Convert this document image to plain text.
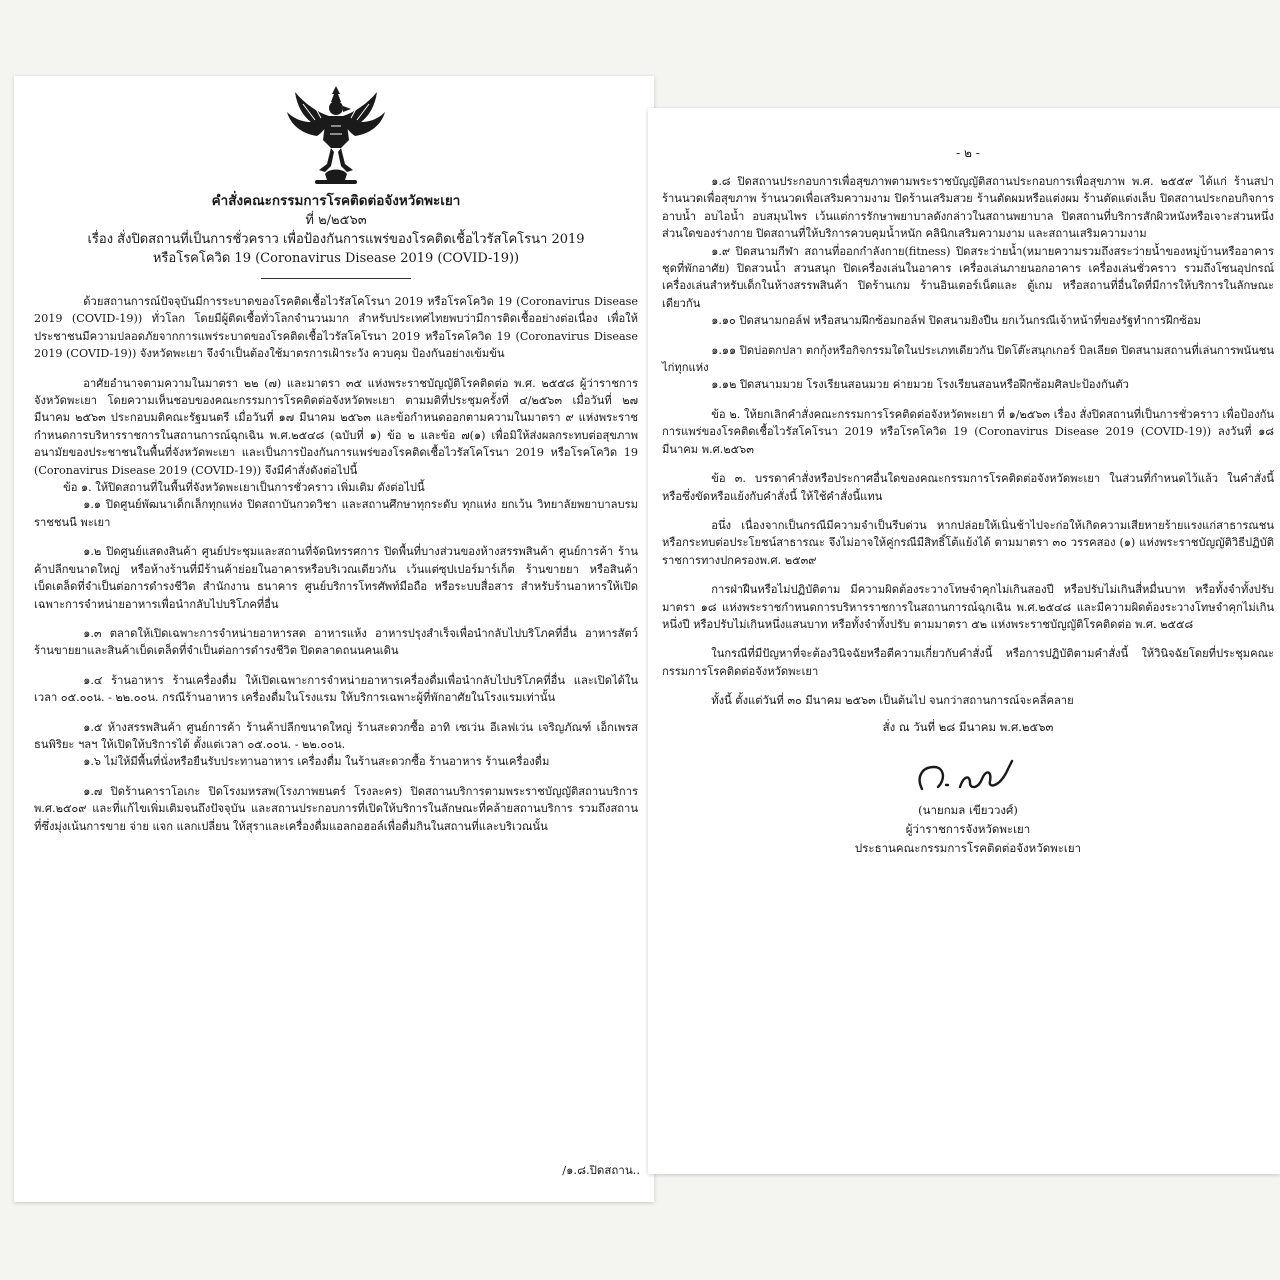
คำสั่งคณะกรรมการโรคติดต่อจังหวัดพะเยา
ที่ ๒/๒๕๖๓
เรื่อง สั่งปิดสถานที่เป็นการชั่วคราว เพื่อป้องกันการแพร่ของโรคติดเชื้อไวรัสโคโรนา 2019
หรือโรคโควิด 19 (Coronavirus Disease 2019 (COVID-19))

ด้วยสถานการณ์ปัจจุบันมีการระบาดของโรคติดเชื้อไวรัสโคโรนา 2019 หรือโรคโควิด 19 (Coronavirus Disease 2019 (COVID-19)) ทั่วโลก โดยมีผู้ติดเชื้อทั่วโลกจำนวนมาก สำหรับประเทศไทยพบว่ามีการติดเชื้ออย่างต่อเนื่อง เพื่อให้ประชาชนมีความปลอดภัยจากการแพร่ระบาดของโรคติดเชื้อไวรัสโคโรนา 2019 หรือโรคโควิด 19 (Coronavirus Disease 2019 (COVID-19)) จังหวัดพะเยา จึงจำเป็นต้องใช้มาตรการเฝ้าระวัง ควบคุม ป้องกันอย่างเข้มข้น

อาศัยอำนาจตามความในมาตรา ๒๒ (๗) และมาตรา ๓๕ แห่งพระราชบัญญัติโรคติดต่อ พ.ศ. ๒๕๕๘ ผู้ว่าราชการจังหวัดพะเยา โดยความเห็นชอบของคณะกรรมการโรคติดต่อจังหวัดพะเยา ตามมติที่ประชุมครั้งที่ ๔/๒๕๖๓ เมื่อวันที่ ๒๗ มีนาคม ๒๕๖๓ ประกอบมติคณะรัฐมนตรี เมื่อวันที่ ๑๗ มีนาคม ๒๕๖๓ และข้อกำหนดออกตามความในมาตรา ๙ แห่งพระราชกำหนดการบริหารราชการในสถานการณ์ฉุกเฉิน พ.ศ.๒๕๔๘ (ฉบับที่ ๑) ข้อ ๒ และข้อ ๗(๑) เพื่อมิให้ส่งผลกระทบต่อสุขภาพอนามัยของประชาชนในพื้นที่จังหวัดพะเยา และเป็นการป้องกันการแพร่ของโรคติดเชื้อไวรัสโคโรนา 2019 หรือโรคโควิด 19 (Coronavirus Disease 2019 (COVID-19)) จึงมีคำสั่งดังต่อไปนี้

ข้อ ๑. ให้ปิดสถานที่ในพื้นที่จังหวัดพะเยาเป็นการชั่วคราว เพิ่มเติม ดังต่อไปนี้

๑.๑ ปิดศูนย์พัฒนาเด็กเล็กทุกแห่ง ปิดสถาบันกวดวิชา และสถานศึกษาทุกระดับ ทุกแห่ง ยกเว้น วิทยาลัยพยาบาลบรมราชชนนี พะเยา

๑.๒ ปิดศูนย์แสดงสินค้า ศูนย์ประชุมและสถานที่จัดนิทรรศการ ปิดพื้นที่บางส่วนของห้างสรรพสินค้า ศูนย์การค้า ร้านค้าปลีกขนาดใหญ่ หรือห้างร้านที่มีร้านค้าย่อยในอาคารหรือบริเวณเดียวกัน เว้นแต่ซุปเปอร์มาร์เก็ต ร้านขายยา หรือสินค้าเบ็ดเตล็ดที่จำเป็นต่อการดำรงชีวิต สำนักงาน ธนาคาร ศูนย์บริการโทรศัพท์มือถือ หรือระบบสื่อสาร สำหรับร้านอาหารให้เปิดเฉพาะการจำหน่ายอาหารเพื่อนำกลับไปบริโภคที่อื่น

๑.๓ ตลาดให้เปิดเฉพาะการจำหน่ายอาหารสด อาหารแห้ง อาหารปรุงสำเร็จเพื่อนำกลับไปบริโภคที่อื่น อาหารสัตว์ ร้านขายยาและสินค้าเบ็ดเตล็ดที่จำเป็นต่อการดำรงชีวิต ปิดตลาดถนนคนเดิน

๑.๔ ร้านอาหาร ร้านเครื่องดื่ม ให้เปิดเฉพาะการจำหน่ายอาหารเครื่องดื่มเพื่อนำกลับไปบริโภคที่อื่น และเปิดได้ในเวลา ๐๕.๐๐น. - ๒๒.๐๐น. กรณีร้านอาหาร เครื่องดื่มในโรงแรม ให้บริการเฉพาะผู้ที่พักอาศัยในโรงแรมเท่านั้น

๑.๕ ห้างสรรพสินค้า ศูนย์การค้า ร้านค้าปลีกขนาดใหญ่ ร้านสะดวกซื้อ อาทิ เซเว่น อีเลฟเว่น เจริญภัณฑ์ เอ็กเพรส ธนพิริยะ ฯลฯ ให้เปิดให้บริการได้ ตั้งแต่เวลา ๐๕.๐๐น. - ๒๒.๐๐น.

๑.๖ ไม่ให้มีพื้นที่นั่งหรือยืนรับประทานอาหาร เครื่องดื่ม ในร้านสะดวกซื้อ ร้านอาหาร ร้านเครื่องดื่ม

๑.๗ ปิดร้านคาราโอเกะ ปิดโรงมหรสพ(โรงภาพยนตร์ โรงละคร) ปิดสถานบริการตามพระราชบัญญัติสถานบริการ พ.ศ.๒๕๐๙ และที่แก้ไขเพิ่มเติมจนถึงปัจจุบัน และสถานประกอบการที่เปิดให้บริการในลักษณะที่คล้ายสถานบริการ รวมถึงสถานที่ซึ่งมุ่งเน้นการขาย จ่าย แจก แลกเปลี่ยน ให้สุราและเครื่องดื่มแอลกอฮอล์เพื่อดื่มกินในสถานที่และบริเวณนั้น

/๑.๘.ปิดสถาน..
- ๒ -

๑.๘ ปิดสถานประกอบการเพื่อสุขภาพตามพระราชบัญญัติสถานประกอบการเพื่อสุขภาพ พ.ศ. ๒๕๕๙ ได้แก่ ร้านสปา ร้านนวดเพื่อสุขภาพ ร้านนวดเพื่อเสริมความงาม ปิดร้านเสริมสวย ร้านตัดผมหรือแต่งผม ร้านตัดแต่งเล็บ ปิดสถานประกอบกิจการอาบน้ำ อบไอน้ำ อบสมุนไพร เว้นแต่การรักษาพยาบาลดังกล่าวในสถานพยาบาล ปิดสถานที่บริการสักผิวหนังหรือเจาะส่วนหนึ่งส่วนใดของร่างกาย ปิดสถานที่ให้บริการควบคุมน้ำหนัก คลินิกเสริมความงาม และสถานเสริมความงาม

๑.๙ ปิดสนามกีฬา สถานที่ออกกำลังกาย(fitness) ปิดสระว่ายน้ำ(หมายความรวมถึงสระว่ายน้ำของหมู่บ้านหรืออาคารชุดที่พักอาศัย) ปิดสวนน้ำ สวนสนุก ปิดเครื่องเล่นในอาคาร เครื่องเล่นภายนอกอาคาร เครื่องเล่นชั่วคราว รวมถึงโซนอุปกรณ์เครื่องเล่นสำหรับเด็กในห้างสรรพสินค้า ปิดร้านเกม ร้านอินเตอร์เน็ตและ ตู้เกม หรือสถานที่อื่นใดที่มีการให้บริการในลักษณะเดียวกัน

๑.๑๐ ปิดสนามกอล์ฟ หรือสนามฝึกซ้อมกอล์ฟ ปิดสนามยิงปืน ยกเว้นกรณีเจ้าหน้าที่ของรัฐทำการฝึกซ้อม

๑.๑๑ ปิดบ่อตกปลา ตกกุ้งหรือกิจกรรมใดในประเภทเดียวกัน ปิดโต๊ะสนุกเกอร์ บิลเลียด ปิดสนามสถานที่เล่นการพนันชนไก่ทุกแห่ง

๑.๑๒ ปิดสนามมวย โรงเรียนสอนมวย ค่ายมวย โรงเรียนสอนหรือฝึกซ้อมศิลปะป้องกันตัว

ข้อ ๒. ให้ยกเลิกคำสั่งคณะกรรมการโรคติดต่อจังหวัดพะเยา ที่ ๑/๒๕๖๓ เรื่อง สั่งปิดสถานที่เป็นการชั่วคราว เพื่อป้องกันการแพร่ของโรคติดเชื้อไวรัสโคโรนา 2019 หรือโรคโควิด 19 (Coronavirus Disease 2019 (COVID-19)) ลงวันที่ ๑๘ มีนาคม พ.ศ.๒๕๖๓

ข้อ ๓. บรรดาคำสั่งหรือประกาศอื่นใดของคณะกรรมการโรคติดต่อจังหวัดพะเยา ในส่วนที่กำหนดไว้แล้ว ในคำสั่งนี้ หรือซึ่งขัดหรือแย้งกับคำสั่งนี้ ให้ใช้คำสั่งนี้แทน

อนึ่ง เนื่องจากเป็นกรณีมีความจำเป็นรีบด่วน หากปล่อยให้เนิ่นช้าไปจะก่อให้เกิดความเสียหายร้ายแรงแก่สาธารณชนหรือกระทบต่อประโยชน์สาธารณะ จึงไม่อาจให้คู่กรณีมีสิทธิ์โต้แย้งได้ ตามมาตรา ๓๐ วรรคสอง (๑) แห่งพระราชบัญญัติวิธีปฏิบัติราชการทางปกครองพ.ศ. ๒๕๓๙

การฝ่าฝืนหรือไม่ปฏิบัติตาม มีความผิดต้องระวางโทษจำคุกไม่เกินสองปี หรือปรับไม่เกินสี่หมื่นบาท หรือทั้งจำทั้งปรับ มาตรา ๑๘ แห่งพระราชกำหนดการบริหารราชการในสถานการณ์ฉุกเฉิน พ.ศ.๒๕๔๘ และมีความผิดต้องระวางโทษจำคุกไม่เกินหนึ่งปี หรือปรับไม่เกินหนึ่งแสนบาท หรือทั้งจำทั้งปรับ ตามมาตรา ๕๒ แห่งพระราชบัญญัติโรคติดต่อ พ.ศ. ๒๕๕๘

ในกรณีที่มีปัญหาที่จะต้องวินิจฉัยหรือตีความเกี่ยวกับคำสั่งนี้ หรือการปฏิบัติตามคำสั่งนี้ ให้วินิจฉัยโดยที่ประชุมคณะกรรมการโรคติดต่อจังหวัดพะเยา

ทั้งนี้ ตั้งแต่วันที่ ๓๐ มีนาคม ๒๕๖๓ เป็นต้นไป จนกว่าสถานการณ์จะคลี่คลาย

สั่ง ณ วันที่ ๒๘ มีนาคม พ.ศ.๒๕๖๓
(นายกมล เขียววงศ์)
ผู้ว่าราชการจังหวัดพะเยา
ประธานคณะกรรมการโรคติดต่อจังหวัดพะเยา
